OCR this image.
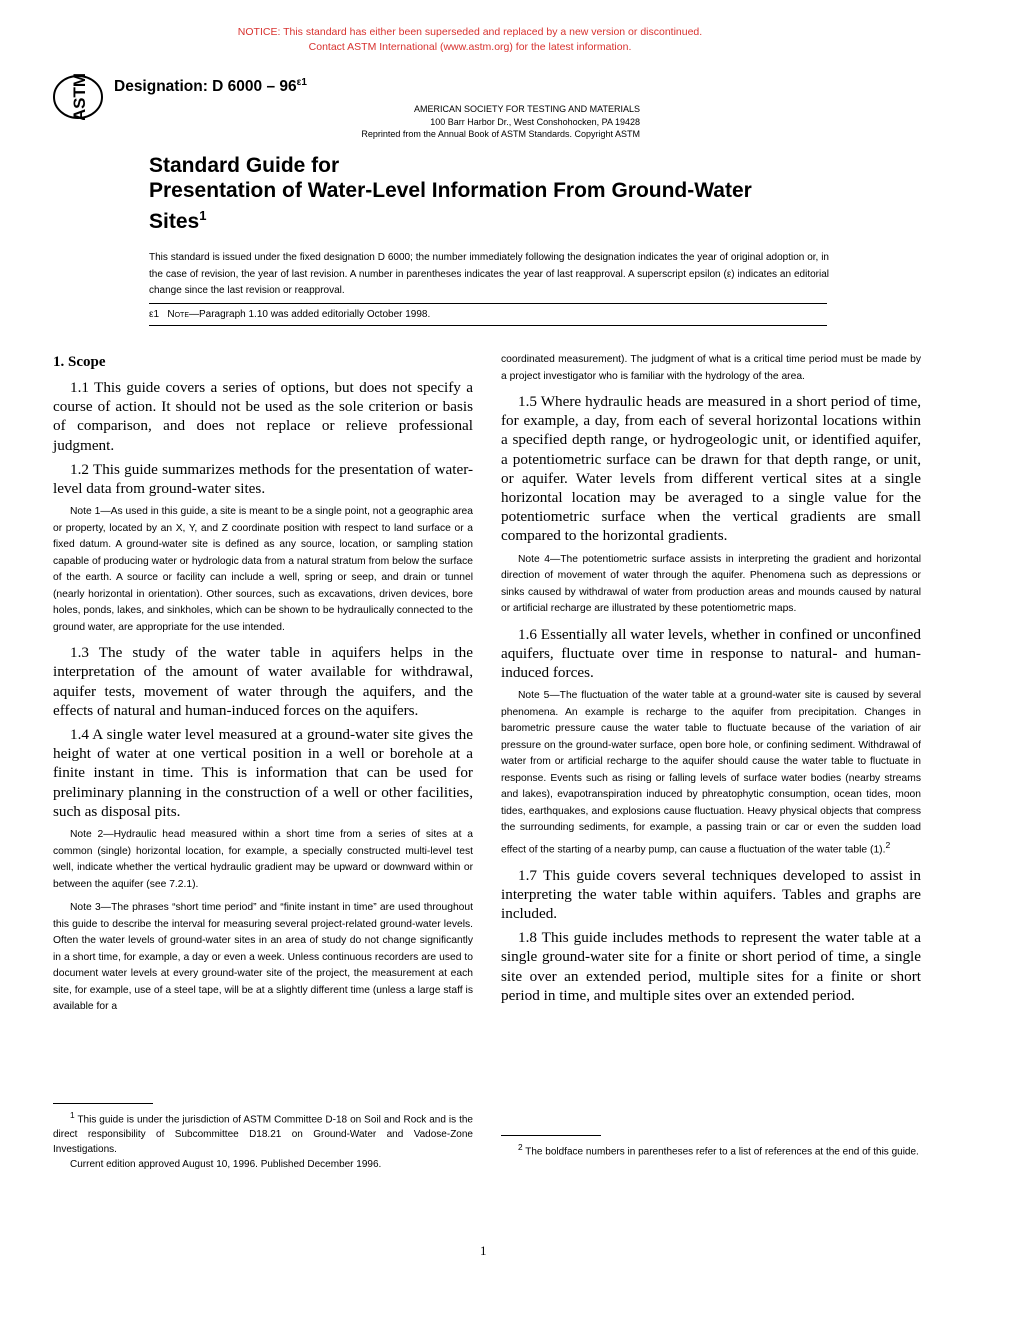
NOTICE: This standard has either been superseded and replaced by a new version or discontinued.
Contact ASTM International (www.astm.org) for the latest information.
ASTM Designation: D $6000 - 96^{\varepsilon 1}$
AMERICAN SOCIETY FOR TESTING AND MATERIALS
100 Barr Harbor Dr., West Conshohocken, PA 19428
Reprinted from the Annual Book of ASTM Standards. Copyright ASTM
Standard Guide for
Presentation of Water-Level Information From Ground-Water
Sites$^1$
This standard is issued under the fixed designation D 6000; the number immediately following the designation indicates the year of original adoption or, in the case of revision, the year of last revision. A number in parentheses indicates the year of last reapproval. A superscript epsilon (ε) indicates an editorial change since the last revision or reapproval.
ε1 Note—Paragraph 1.10 was added editorially October 1998.
1. Scope

1.1 This guide covers a series of options, but does not specify a course of action. It should not be used as the sole criterion or basis of comparison, and does not replace or relieve professional judgment.

1.2 This guide summarizes methods for the presentation of water-level data from ground-water sites.

Note 1—As used in this guide, a site is meant to be a single point, not a geographic area or property, located by an X, Y, and Z coordinate position with respect to land surface or a fixed datum. A ground-water site is defined as any source, location, or sampling station capable of producing water or hydrologic data from a natural stratum from below the surface of the earth. A source or facility can include a well, spring or seep, and drain or tunnel (nearly horizontal in orientation). Other sources, such as excavations, driven devices, bore holes, ponds, lakes, and sinkholes, which can be shown to be hydraulically connected to the ground water, are appropriate for the use intended.

1.3 The study of the water table in aquifers helps in the interpretation of the amount of water available for withdrawal, aquifer tests, movement of water through the aquifers, and the effects of natural and human-induced forces on the aquifers.

1.4 A single water level measured at a ground-water site gives the height of water at one vertical position in a well or borehole at a finite instant in time. This is information that can be used for preliminary planning in the construction of a well or other facilities, such as disposal pits.

Note 2—Hydraulic head measured within a short time from a series of sites at a common (single) horizontal location, for example, a specially constructed multi-level test well, indicate whether the vertical hydraulic gradient may be upward or downward within or between the aquifer (see 7.2.1).

Note 3—The phrases “short time period” and “finite instant in time” are used throughout this guide to describe the interval for measuring several project-related ground-water levels. Often the water levels of ground-water sites in an area of study do not change significantly in a short time, for example, a day or even a week. Unless continuous recorders are used to document water levels at every ground-water site of the project, the measurement at each site, for example, use of a steel tape, will be at a slightly different time (unless a large staff is available for a

coordinated measurement). The judgment of what is a critical time period must be made by a project investigator who is familiar with the hydrology of the area.

1.5 Where hydraulic heads are measured in a short period of time, for example, a day, from each of several horizontal locations within a specified depth range, or hydrogeologic unit, or identified aquifer, a potentiometric surface can be drawn for that depth range, or unit, or aquifer. Water levels from different vertical sites at a single horizontal location may be averaged to a single value for the potentiometric surface when the vertical gradients are small compared to the horizontal gradients.

Note 4—The potentiometric surface assists in interpreting the gradient and horizontal direction of movement of water through the aquifer. Phenomena such as depressions or sinks caused by withdrawal of water from production areas and mounds caused by natural or artificial recharge are illustrated by these potentiometric maps.

1.6 Essentially all water levels, whether in confined or unconfined aquifers, fluctuate over time in response to natural- and human-induced forces.

Note 5—The fluctuation of the water table at a ground-water site is caused by several phenomena. An example is recharge to the aquifer from precipitation. Changes in barometric pressure cause the water table to fluctuate because of the variation of air pressure on the ground-water surface, open bore hole, or confining sediment. Withdrawal of water from or artificial recharge to the aquifer should cause the water table to fluctuate in response. Events such as rising or falling levels of surface water bodies (nearby streams and lakes), evapotranspiration induced by phreatophytic consumption, ocean tides, moon tides, earthquakes, and explosions cause fluctuation. Heavy physical objects that compress the surrounding sediments, for example, a passing train or car or even the sudden load effect of the starting of a nearby pump, can cause a fluctuation of the water table (1).$^2$

1.7 This guide covers several techniques developed to assist in interpreting the water table within aquifers. Tables and graphs are included.

1.8 This guide includes methods to represent the water table at a single ground-water site for a finite or short period of time, a single site over an extended period, multiple sites for a finite or short period in time, and multiple sites over an extended period.

$^1$ This guide is under the jurisdiction of ASTM Committee D-18 on Soil and Rock and is the direct responsibility of Subcommittee D18.21 on Ground-Water and Vadose-Zone Investigations.

Current edition approved August 10, 1996. Published December 1996.

$^2$ The boldface numbers in parentheses refer to a list of references at the end of this guide.

1
